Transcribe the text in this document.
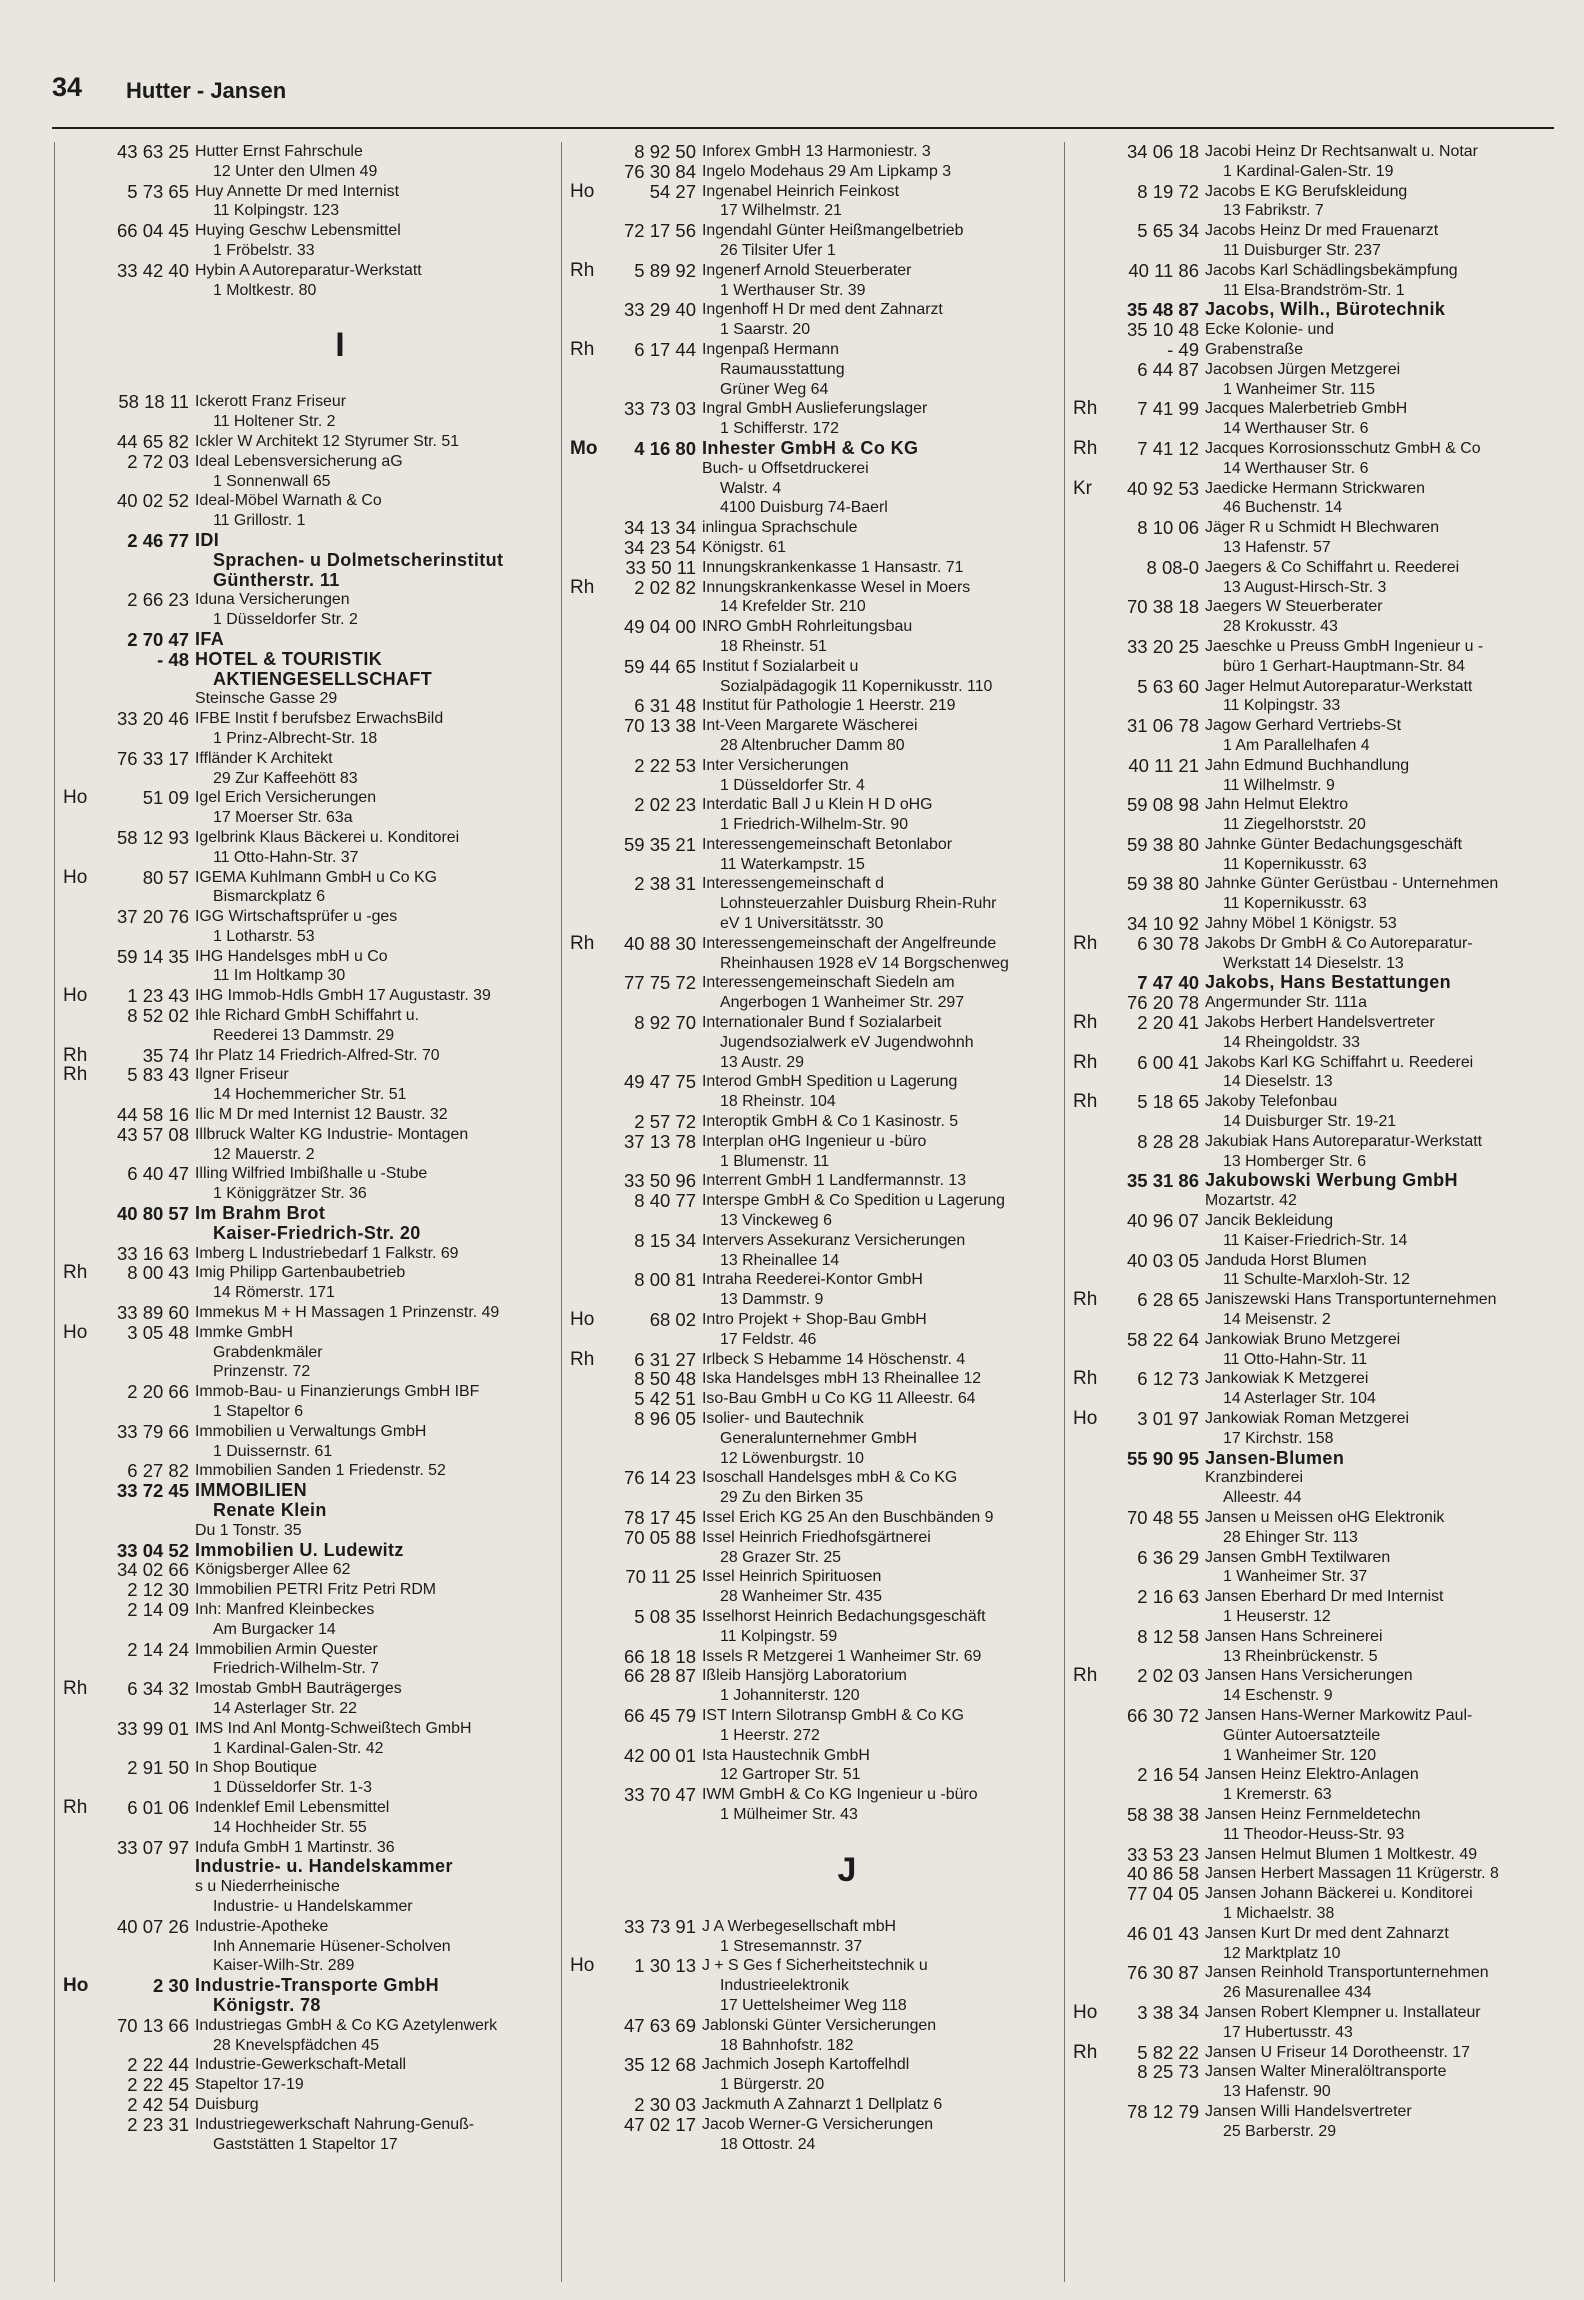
34 Hutter - Jansen
43 63 25 Hutter Ernst Fahrschule
12 Unter den Ulmen 49
5 73 65 Huy Annette Dr med Internist
11 Kolpingstr. 123
66 04 45 Huying Geschw Lebensmittel
1 Fröbelstr. 33
33 42 40 Hybin A Autoreparatur-Werkstatt
1 Moltkestr. 80
I
58 18 11 Ickerott Franz Friseur
11 Holtener Str. 2
44 65 82 Ickler W Architekt 12 Styrumer Str. 51
2 72 03 Ideal Lebensversicherung aG
1 Sonnenwall 65
40 02 52 Ideal-Möbel Warnath & Co
11 Grillostr. 1
2 46 77 IDI
Sprachen- u Dolmetscherinstitut
Güntherstr. 11
2 66 23 Iduna Versicherungen
1 Düsseldorfer Str. 2
2 70 47 IFA
- 48 HOTEL & TOURISTIK
AKTIENGESELLSCHAFT
Steinsche Gasse 29
33 20 46 IFBE Instit f berufsbez ErwachsBild
1 Prinz-Albrecht-Str. 18
76 33 17 Iffländer K Architekt
29 Zur Kaffeehött 83
Ho	51 09 Igel Erich Versicherungen
17 Moerser Str. 63a
58 12 93 Igelbrink Klaus Bäckerei u. Konditorei
11 Otto-Hahn-Str. 37
Ho	80 57 IGEMA Kuhlmann GmbH u Co KG
Bismarckplatz 6
37 20 76 IGG Wirtschaftsprüfer u -ges
1 Lotharstr. 53
59 14 35 IHG Handelsges mbH u Co
11 Im Holtkamp 30
Ho	1 23 43 IHG Immob-Hdls GmbH 17 Augustastr. 39
8 52 02 Ihle Richard GmbH Schiffahrt u.
Reederei 13 Dammstr. 29
Rh	35 74 Ihr Platz 14 Friedrich-Alfred-Str. 70
Rh	5 83 43 Ilgner Friseur
14 Hochemmericher Str. 51
44 58 16 Ilic M Dr med Internist 12 Baustr. 32
43 57 08 Illbruck Walter KG Industrie- Montagen
12 Mauerstr. 2
6 40 47 Illing Wilfried Imbißhalle u -Stube
1 Königgrätzer Str. 36
40 80 57 Im Brahm Brot
Kaiser-Friedrich-Str. 20
33 16 63 Imberg L Industriebedarf 1 Falkstr. 69
Rh	8 00 43 Imig Philipp Gartenbaubetrieb
14 Römerstr. 171
33 89 60 Immekus M + H Massagen 1 Prinzenstr. 49
Ho	3 05 48 Immke GmbH
Grabdenkmäler
Prinzenstr. 72
2 20 66 Immob-Bau- u Finanzierungs GmbH IBF
1 Stapeltor 6
33 79 66 Immobilien u Verwaltungs GmbH
1 Duissernstr. 61
6 27 82 Immobilien Sanden 1 Friedenstr. 52
33 72 45 IMMOBILIEN
Renate Klein
Du 1 Tonstr. 35
33 04 52 Immobilien U. Ludewitz
34 02 66 Königsberger Allee 62
2 12 30 Immobilien PETRI Fritz Petri RDM
2 14 09 Inh: Manfred Kleinbeckes
Am Burgacker 14
2 14 24 Immobilien Armin Quester
Friedrich-Wilhelm-Str. 7
Rh	6 34 32 Imostab GmbH Bauträgerges
14 Asterlager Str. 22
33 99 01 IMS Ind Anl Montg-Schweißtech GmbH
1 Kardinal-Galen-Str. 42
2 91 50 In Shop Boutique
1 Düsseldorfer Str. 1-3
Rh	6 01 06 Indenklef Emil Lebensmittel
14 Hochheider Str. 55
33 07 97 Indufa GmbH 1 Martinstr. 36
Industrie- u. Handelskammer
s u Niederrheinische
Industrie- u Handelskammer
40 07 26 Industrie-Apotheke
Inh Annemarie Hüsener-Scholven
Kaiser-Wilh-Str. 289
Ho	2 30 Industrie-Transporte GmbH
Königstr. 78
70 13 66 Industriegas GmbH & Co KG Azetylenwerk
28 Knevelspfädchen 45
2 22 44 Industrie-Gewerkschaft-Metall
2 22 45 Stapeltor 17-19
2 42 54 Duisburg
2 23 31 Industriegewerkschaft Nahrung-Genuß-
Gaststätten 1 Stapeltor 17
8 92 50 Inforex GmbH 13 Harmoniestr. 3
76 30 84 Ingelo Modehaus 29 Am Lipkamp 3
Ho	54 27 Ingenabel Heinrich Feinkost
17 Wilhelmstr. 21
72 17 56 Ingendahl Günter Heißmangelbetrieb
26 Tilsiter Ufer 1
Rh	5 89 92 Ingenerf Arnold Steuerberater
1 Werthauser Str. 39
33 29 40 Ingenhoff H Dr med dent Zahnarzt
1 Saarstr. 20
Rh	6 17 44 Ingenpaß Hermann
Raumausstattung
Grüner Weg 64
33 73 03 Ingral GmbH Auslieferungslager
1 Schifferstr. 172
Mo	4 16 80 Inhester GmbH & Co KG
Buch- u Offsetdruckerei
Walstr. 4
4100 Duisburg 74-Baerl
34 13 34 inlingua Sprachschule
34 23 54 Königstr. 61
33 50 11 Innungskrankenkasse 1 Hansastr. 71
Rh	2 02 82 Innungskrankenkasse Wesel in Moers
14 Krefelder Str. 210
49 04 00 INRO GmbH Rohrleitungsbau
18 Rheinstr. 51
59 44 65 Institut f Sozialarbeit u
Sozialpädagogik 11 Kopernikusstr. 110
6 31 48 Institut für Pathologie 1 Heerstr. 219
70 13 38 Int-Veen Margarete Wäscherei
28 Altenbrucher Damm 80
2 22 53 Inter Versicherungen
1 Düsseldorfer Str. 4
2 02 23 Interdatic Ball J u Klein H D oHG
1 Friedrich-Wilhelm-Str. 90
59 35 21 Interessengemeinschaft Betonlabor
11 Waterkampstr. 15
2 38 31 Interessengemeinschaft d
Lohnsteuerzahler Duisburg Rhein-Ruhr
eV 1 Universitätsstr. 30
Rh	40 88 30 Interessengemeinschaft der Angelfreunde
Rheinhausen 1928 eV 14 Borgschenweg
77 75 72 Interessengemeinschaft Siedeln am
Angerbogen 1 Wanheimer Str. 297
8 92 70 Internationaler Bund f Sozialarbeit
Jugendsozialwerk eV Jugendwohnh
13 Austr. 29
49 47 75 Interod GmbH Spedition u Lagerung
18 Rheinstr. 104
2 57 72 Interoptik GmbH & Co 1 Kasinostr. 5
37 13 78 Interplan oHG Ingenieur u -büro
1 Blumenstr. 11
33 50 96 Interrent GmbH 1 Landfermannstr. 13
8 40 77 Interspe GmbH & Co Spedition u Lagerung
13 Vinckeweg 6
8 15 34 Intervers Assekuranz Versicherungen
13 Rheinallee 14
8 00 81 Intraha Reederei-Kontor GmbH
13 Dammstr. 9
Ho	68 02 Intro Projekt + Shop-Bau GmbH
17 Feldstr. 46
Rh	6 31 27 Irlbeck S Hebamme 14 Höschenstr. 4
8 50 48 Iska Handelsges mbH 13 Rheinallee 12
5 42 51 Iso-Bau GmbH u Co KG 11 Alleestr. 64
8 96 05 Isolier- und Bautechnik
Generalunternehmer GmbH
12 Löwenburgstr. 10
76 14 23 Isoschall Handelsges mbH & Co KG
29 Zu den Birken 35
78 17 45 Issel Erich KG 25 An den Buschbänden 9
70 05 88 Issel Heinrich Friedhofsgärtnerei
28 Grazer Str. 25
70 11 25 Issel Heinrich Spirituosen
28 Wanheimer Str. 435
5 08 35 Isselhorst Heinrich Bedachungsgeschäft
11 Kolpingstr. 59
66 18 18 Issels R Metzgerei 1 Wanheimer Str. 69
66 28 87 Ißleib Hansjörg Laboratorium
1 Johanniterstr. 120
66 45 79 IST Intern Silotransp GmbH & Co KG
1 Heerstr. 272
42 00 01 Ista Haustechnik GmbH
12 Gartroper Str. 51
33 70 47 IWM GmbH & Co KG Ingenieur u -büro
1 Mülheimer Str. 43
J
33 73 91 J A Werbegesellschaft mbH
1 Stresemannstr. 37
Ho	1 30 13 J + S Ges f Sicherheitstechnik u
Industrieelektronik
17 Uettelsheimer Weg 118
47 63 69 Jablonski Günter Versicherungen
18 Bahnhofstr. 182
35 12 68 Jachmich Joseph Kartoffelhdl
1 Bürgerstr. 20
2 30 03 Jackmuth A Zahnarzt 1 Dellplatz 6
47 02 17 Jacob Werner-G Versicherungen
18 Ottostr. 24
34 06 18 Jacobi Heinz Dr Rechtsanwalt u. Notar
1 Kardinal-Galen-Str. 19
8 19 72 Jacobs E KG Berufskleidung
13 Fabrikstr. 7
5 65 34 Jacobs Heinz Dr med Frauenarzt
11 Duisburger Str. 237
40 11 86 Jacobs Karl Schädlingsbekämpfung
11 Elsa-Brandström-Str. 1
35 48 87 Jacobs, Wilh., Bürotechnik
35 10 48 Ecke Kolonie- und
- 49 Grabenstraße
6 44 87 Jacobsen Jürgen Metzgerei
1 Wanheimer Str. 115
Rh	7 41 99 Jacques Malerbetrieb GmbH
14 Werthauser Str. 6
Rh	7 41 12 Jacques Korrosionsschutz GmbH & Co
14 Werthauser Str. 6
Kr	40 92 53 Jaedicke Hermann Strickwaren
46 Buchenstr. 14
8 10 06 Jäger R u Schmidt H Blechwaren
13 Hafenstr. 57
8 08-0 Jaegers & Co Schiffahrt u. Reederei
13 August-Hirsch-Str. 3
70 38 18 Jaegers W Steuerberater
28 Krokusstr. 43
33 20 25 Jaeschke u Preuss GmbH Ingenieur u -
büro 1 Gerhart-Hauptmann-Str. 84
5 63 60 Jager Helmut Autoreparatur-Werkstatt
11 Kolpingstr. 33
31 06 78 Jagow Gerhard Vertriebs-St
1 Am Parallelhafen 4
40 11 21 Jahn Edmund Buchhandlung
11 Wilhelmstr. 9
59 08 98 Jahn Helmut Elektro
11 Ziegelhorststr. 20
59 38 80 Jahnke Günter Bedachungsgeschäft
11 Kopernikusstr. 63
59 38 80 Jahnke Günter Gerüstbau - Unternehmen
11 Kopernikusstr. 63
34 10 92 Jahny Möbel 1 Königstr. 53
Rh	6 30 78 Jakobs Dr GmbH & Co Autoreparatur-
Werkstatt 14 Dieselstr. 13
7 47 40 Jakobs, Hans Bestattungen
76 20 78 Angermunder Str. 111a
Rh	2 20 41 Jakobs Herbert Handelsvertreter
14 Rheingoldstr. 33
Rh	6 00 41 Jakobs Karl KG Schiffahrt u. Reederei
14 Dieselstr. 13
Rh	5 18 65 Jakoby Telefonbau
14 Duisburger Str. 19-21
8 28 28 Jakubiak Hans Autoreparatur-Werkstatt
13 Homberger Str. 6
35 31 86 Jakubowski Werbung GmbH
Mozartstr. 42
40 96 07 Jancik Bekleidung
11 Kaiser-Friedrich-Str. 14
40 03 05 Janduda Horst Blumen
11 Schulte-Marxloh-Str. 12
Rh	6 28 65 Janiszewski Hans Transportunternehmen
14 Meisenstr. 2
58 22 64 Jankowiak Bruno Metzgerei
11 Otto-Hahn-Str. 11
Rh	6 12 73 Jankowiak K Metzgerei
14 Asterlager Str. 104
Ho	3 01 97 Jankowiak Roman Metzgerei
17 Kirchstr. 158
55 90 95 Jansen-Blumen
Kranzbinderei
Alleestr. 44
70 48 55 Jansen u Meissen oHG Elektronik
28 Ehinger Str. 113
6 36 29 Jansen GmbH Textilwaren
1 Wanheimer Str. 37
2 16 63 Jansen Eberhard Dr med Internist
1 Heuserstr. 12
8 12 58 Jansen Hans Schreinerei
13 Rheinbrückenstr. 5
Rh	2 02 03 Jansen Hans Versicherungen
14 Eschenstr. 9
66 30 72 Jansen Hans-Werner Markowitz Paul-
Günter Autoersatzteile
1 Wanheimer Str. 120
2 16 54 Jansen Heinz Elektro-Anlagen
1 Kremerstr. 63
58 38 38 Jansen Heinz Fernmeldetechn
11 Theodor-Heuss-Str. 93
33 53 23 Jansen Helmut Blumen 1 Moltkestr. 49
40 86 58 Jansen Herbert Massagen 11 Krügerstr. 8
77 04 05 Jansen Johann Bäckerei u. Konditorei
1 Michaelstr. 38
46 01 43 Jansen Kurt Dr med dent Zahnarzt
12 Marktplatz 10
76 30 87 Jansen Reinhold Transportunternehmen
26 Masurenallee 434
Ho	3 38 34 Jansen Robert Klempner u. Installateur
17 Hubertusstr. 43
Rh	5 82 22 Jansen U Friseur 14 Dorotheenstr. 17
8 25 73 Jansen Walter Mineralöltransporte
13 Hafenstr. 90
78 12 79 Jansen Willi Handelsvertreter
25 Barberstr. 29
